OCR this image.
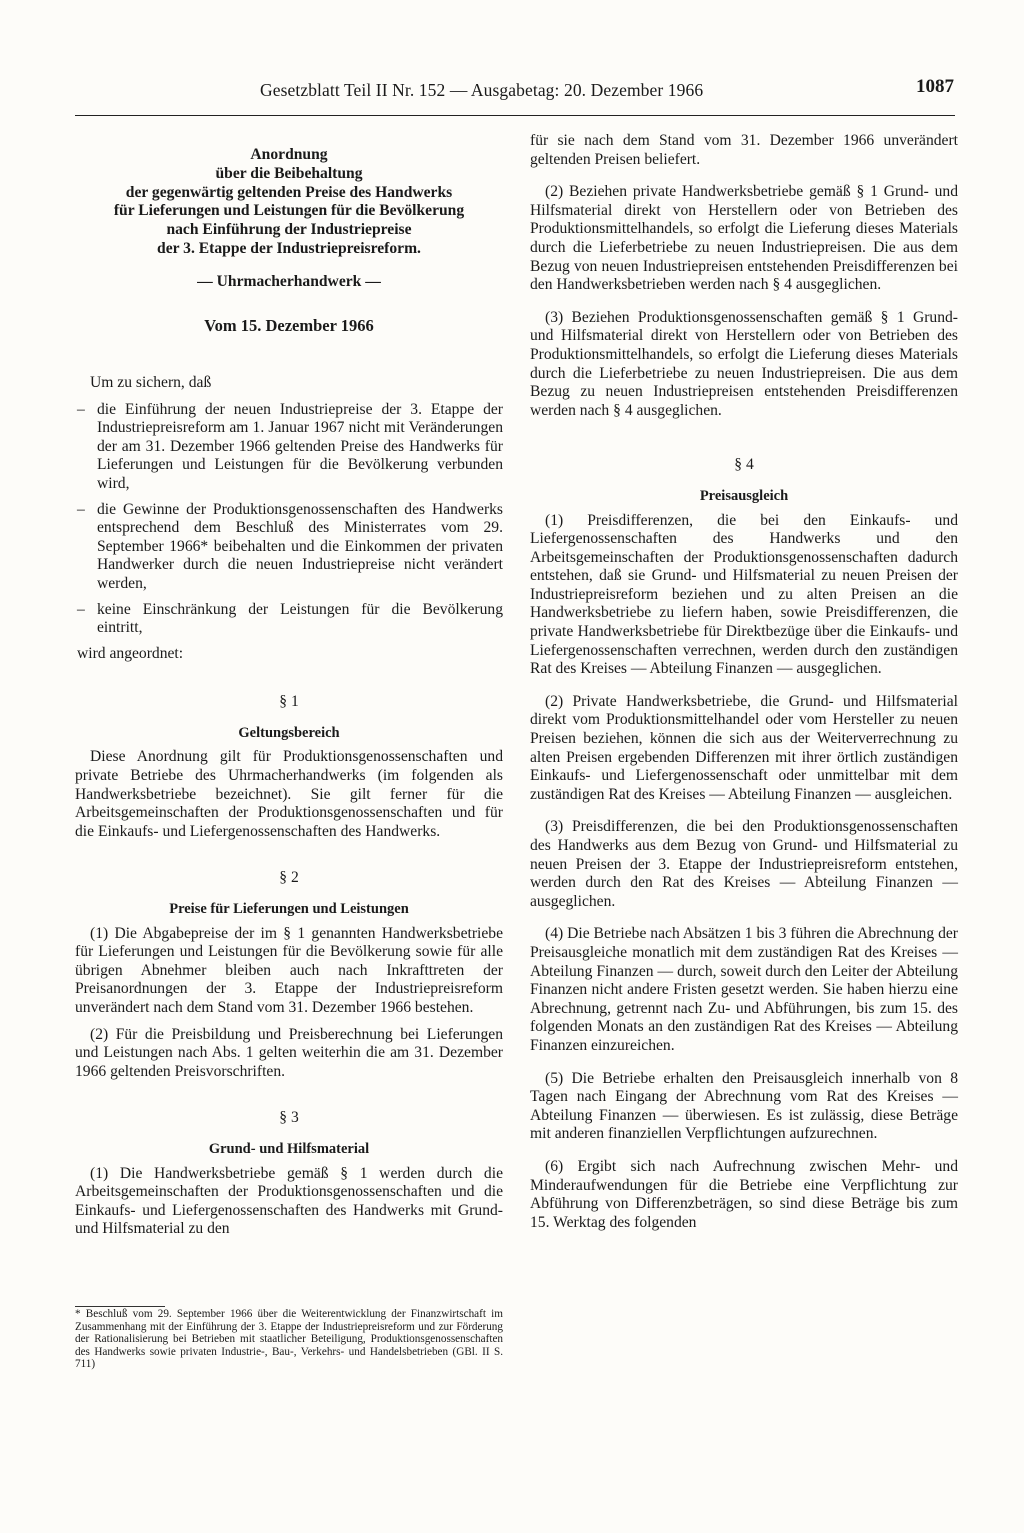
Gesetzblatt Teil II Nr. 152 — Ausgabetag: 20. Dezember 1966	1087
Anordnung
über die Beibehaltung
der gegenwärtig geltenden Preise des Handwerks
für Lieferungen und Leistungen für die Bevölkerung
nach Einführung der Industriepreise
der 3. Etappe der Industriepreisreform.
— Uhrmacherhandwerk —
Vom 15. Dezember 1966

Um zu sichern, daß

– die Einführung der neuen Industriepreise der 3. Etappe der Industriepreisreform am 1. Januar 1967 nicht mit Veränderungen der am 31. Dezember 1966 geltenden Preise des Handwerks für Lieferungen und Leistungen für die Bevölkerung verbunden wird,
– die Gewinne der Produktionsgenossenschaften des Handwerks entsprechend dem Beschluß des Ministerrates vom 29. September 1966* beibehalten und die Einkommen der privaten Handwerker durch die neuen Industriepreise nicht verändert werden,
– keine Einschränkung der Leistungen für die Bevölkerung eintritt,

wird angeordnet:

§ 1
Geltungsbereich

Diese Anordnung gilt für Produktionsgenossenschaften und private Betriebe des Uhrmacherhandwerks (im folgenden als Handwerksbetriebe bezeichnet). Sie gilt ferner für die Arbeitsgemeinschaften der Produktionsgenossenschaften und für die Einkaufs- und Liefergenossenschaften des Handwerks.

§ 2
Preise für Lieferungen und Leistungen

(1) Die Abgabepreise der im § 1 genannten Handwerksbetriebe für Lieferungen und Leistungen für die Bevölkerung sowie für alle übrigen Abnehmer bleiben auch nach Inkrafttreten der Preisanordnungen der 3. Etappe der Industriepreisreform unverändert nach dem Stand vom 31. Dezember 1966 bestehen.

(2) Für die Preisbildung und Preisberechnung bei Lieferungen und Leistungen nach Abs. 1 gelten weiterhin die am 31. Dezember 1966 geltenden Preisvorschriften.

§ 3
Grund- und Hilfsmaterial

(1) Die Handwerksbetriebe gemäß § 1 werden durch die Arbeitsgemeinschaften der Produktionsgenossenschaften und die Einkaufs- und Liefergenossenschaften des Handwerks mit Grund- und Hilfsmaterial zu den

* Beschluß vom 29. September 1966 über die Weiterentwicklung der Finanzwirtschaft im Zusammenhang mit der Einführung der 3. Etappe der Industriepreisreform und zur Förderung der Rationalisierung bei Betrieben mit staatlicher Beteiligung, Produktionsgenossenschaften des Handwerks sowie privaten Industrie-, Bau-, Verkehrs- und Handelsbetrieben (GBl. II S. 711)

für sie nach dem Stand vom 31. Dezember 1966 unverändert geltenden Preisen beliefert.

(2) Beziehen private Handwerksbetriebe gemäß § 1 Grund- und Hilfsmaterial direkt von Herstellern oder von Betrieben des Produktionsmittelhandels, so erfolgt die Lieferung dieses Materials durch die Lieferbetriebe zu neuen Industriepreisen. Die aus dem Bezug von neuen Industriepreisen entstehenden Preisdifferenzen bei den Handwerksbetrieben werden nach § 4 ausgeglichen.

(3) Beziehen Produktionsgenossenschaften gemäß § 1 Grund- und Hilfsmaterial direkt von Herstellern oder von Betrieben des Produktionsmittelhandels, so erfolgt die Lieferung dieses Materials durch die Lieferbetriebe zu neuen Industriepreisen. Die aus dem Bezug zu neuen Industriepreisen entstehenden Preisdifferenzen werden nach § 4 ausgeglichen.

§ 4
Preisausgleich

(1) Preisdifferenzen, die bei den Einkaufs- und Liefergenossenschaften des Handwerks und den Arbeitsgemeinschaften der Produktionsgenossenschaften dadurch entstehen, daß sie Grund- und Hilfsmaterial zu neuen Preisen der Industriepreisreform beziehen und zu alten Preisen an die Handwerksbetriebe zu liefern haben, sowie Preisdifferenzen, die private Handwerksbetriebe für Direktbezüge über die Einkaufs- und Liefergenossenschaften verrechnen, werden durch den zuständigen Rat des Kreises — Abteilung Finanzen — ausgeglichen.

(2) Private Handwerksbetriebe, die Grund- und Hilfsmaterial direkt vom Produktionsmittelhandel oder vom Hersteller zu neuen Preisen beziehen, können die sich aus der Weiterverrechnung zu alten Preisen ergebenden Differenzen mit ihrer örtlich zuständigen Einkaufs- und Liefergenossenschaft oder unmittelbar mit dem zuständigen Rat des Kreises — Abteilung Finanzen — ausgleichen.

(3) Preisdifferenzen, die bei den Produktionsgenossenschaften des Handwerks aus dem Bezug von Grund- und Hilfsmaterial zu neuen Preisen der 3. Etappe der Industriepreisreform entstehen, werden durch den Rat des Kreises — Abteilung Finanzen — ausgeglichen.

(4) Die Betriebe nach Absätzen 1 bis 3 führen die Abrechnung der Preisausgleiche monatlich mit dem zuständigen Rat des Kreises — Abteilung Finanzen — durch, soweit durch den Leiter der Abteilung Finanzen nicht andere Fristen gesetzt werden. Sie haben hierzu eine Abrechnung, getrennt nach Zu- und Abführungen, bis zum 15. des folgenden Monats an den zuständigen Rat des Kreises — Abteilung Finanzen einzureichen.

(5) Die Betriebe erhalten den Preisausgleich innerhalb von 8 Tagen nach Eingang der Abrechnung vom Rat des Kreises — Abteilung Finanzen — überwiesen. Es ist zulässig, diese Beträge mit anderen finanziellen Verpflichtungen aufzurechnen.

(6) Ergibt sich nach Aufrechnung zwischen Mehr- und Minderaufwendungen für die Betriebe eine Verpflichtung zur Abführung von Differenzbeträgen, so sind diese Beträge bis zum 15. Werktag des folgenden
